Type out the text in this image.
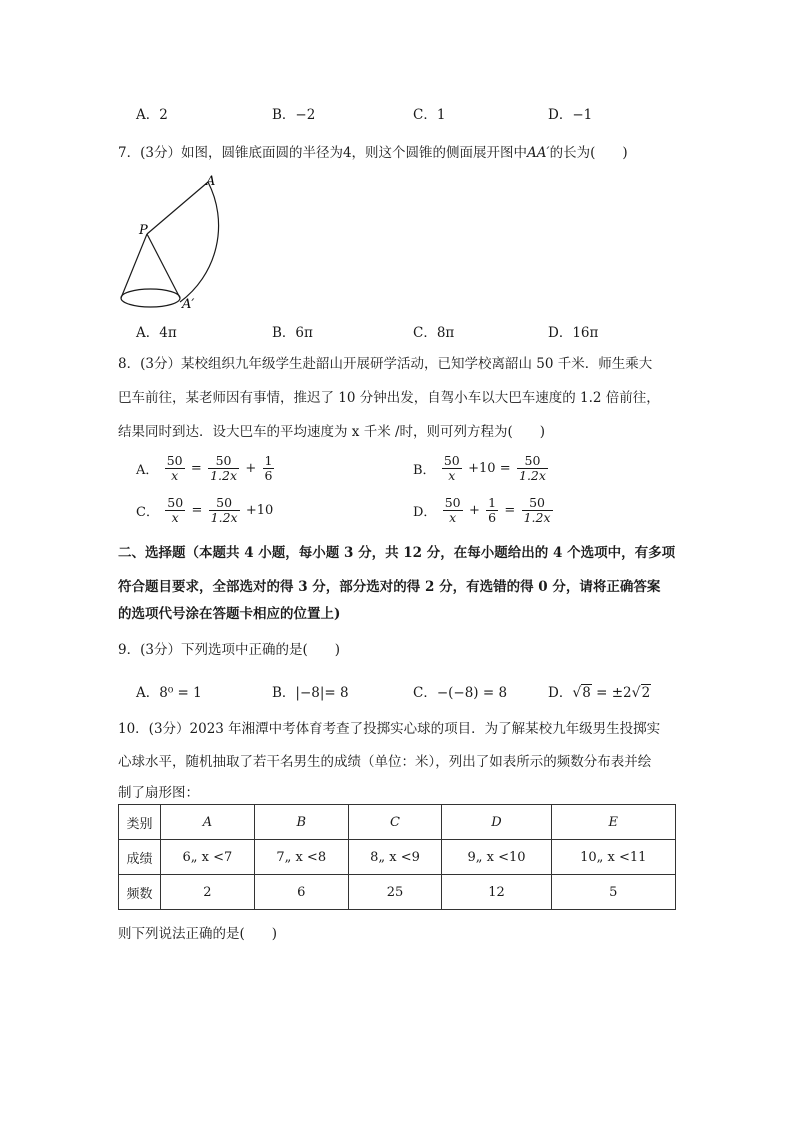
A．2	B．−2	C．1	D．−1
7．(3分）如图，圆锥底面圆的半径为4，则这个圆锥的侧面展开图中AA′的长为(　　)
A
P
A′
A．4π	B．6π	C．8π	D．16π
8．(3分）某校组织九年级学生赴韶山开展研学活动，已知学校离韶山 50 千米．师生乘大
巴车前往，某老师因有事情，推迟了 10 分钟出发，自驾小车以大巴车速度的 1.2 倍前往，
结果同时到达．设大巴车的平均速度为 x 千米 /时，则可列方程为(　　)
A． $\frac{50}{x} = \frac{50}{1.2x} + \frac{1}{6}$	B． $\frac{50}{x} +10 = \frac{50}{1.2x}$
C． $\frac{50}{x} = \frac{50}{1.2x} +10$	D． $\frac{50}{x} + \frac{1}{6} = \frac{50}{1.2x}$
二、选择题（本题共 4 小题，每小题 3 分，共 12 分，在每小题给出的 4 个选项中，有多项
符合题目要求，全部选对的得 3 分，部分选对的得 2 分，有选错的得 0 分，请将正确答案
的选项代号涂在答题卡相应的位置上)
9．(3分）下列选项中正确的是(　　)
A．8⁰ = 1	B．|−8|= 8	C．−(−8) = 8	D．√8 = ±2√2
10．(3分）2023 年湘潭中考体育考查了投掷实心球的项目．为了解某校九年级男生投掷实
心球水平，随机抽取了若干名男生的成绩（单位：米），列出了如表所示的频数分布表并绘
制了扇形图：
类别	A	B	C	D	E
成绩	6„ x <7	7„ x <8	8„ x <9	9„ x <10	10„ x <11
频数	2	6	25	12	5
则下列说法正确的是(　　)
